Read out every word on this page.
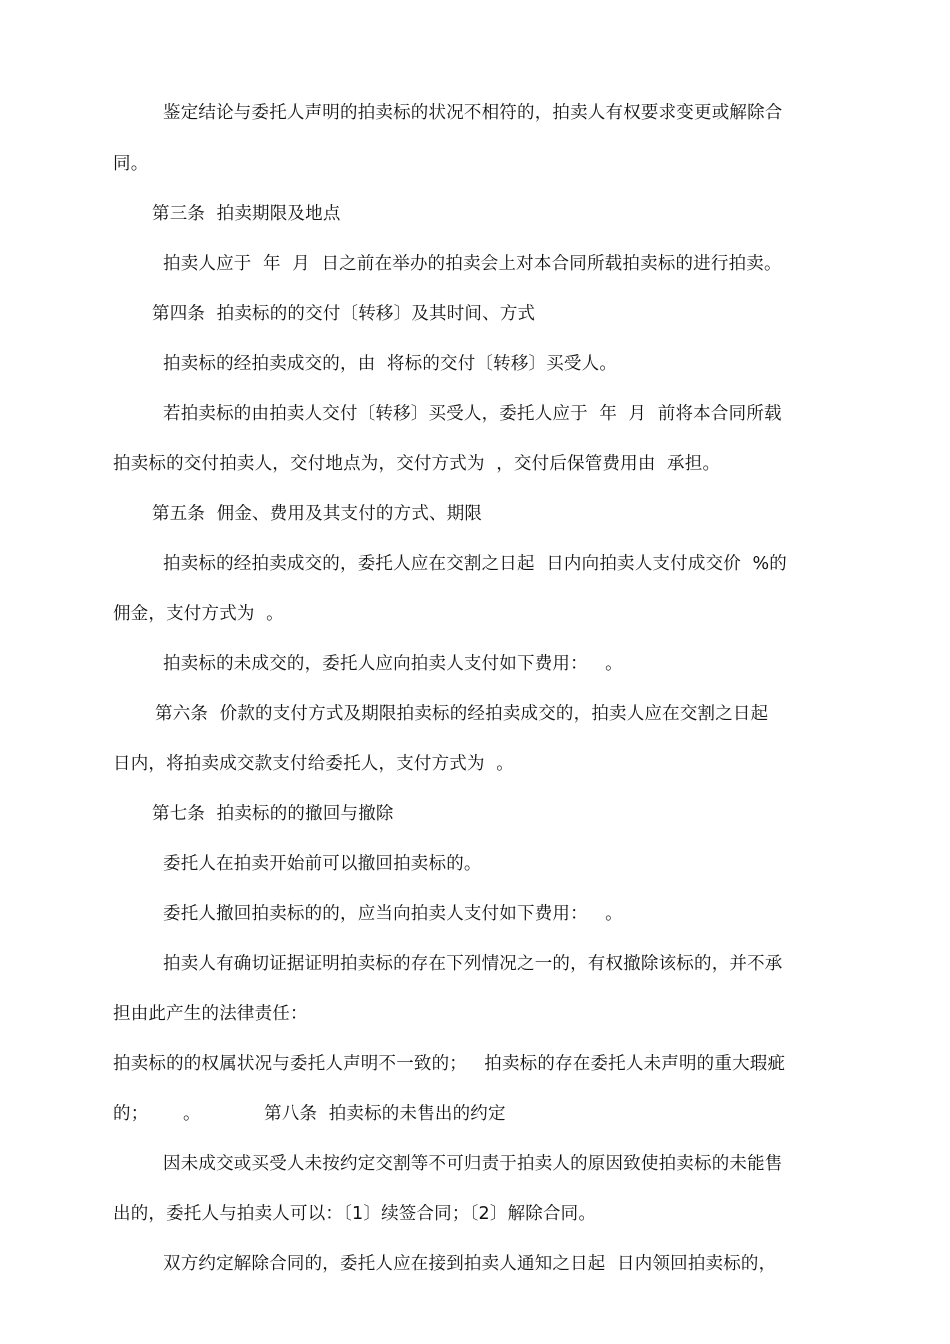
鉴定结论与委托人声明的拍卖标的状况不相符的，拍卖人有权要求变更或解除合
同。
第三条  拍卖期限及地点
拍卖人应于  年  月  日之前在举办的拍卖会上对本合同所载拍卖标的进行拍卖。
第四条  拍卖标的的交付〔转移〕及其时间、方式
拍卖标的经拍卖成交的，由  将标的交付〔转移〕买受人。
若拍卖标的由拍卖人交付〔转移〕买受人，委托人应于  年  月  前将本合同所载
拍卖标的交付拍卖人，交付地点为，交付方式为  ，交付后保管费用由  承担。
第五条  佣金、费用及其支付的方式、期限
拍卖标的经拍卖成交的，委托人应在交割之日起  日内向拍卖人支付成交价  %的
佣金，支付方式为  。
拍卖标的未成交的，委托人应向拍卖人支付如下费用：   。
第六条  价款的支付方式及期限拍卖标的经拍卖成交的，拍卖人应在交割之日起
日内，将拍卖成交款支付给委托人，支付方式为  。
第七条  拍卖标的的撤回与撤除
委托人在拍卖开始前可以撤回拍卖标的。
委托人撤回拍卖标的的，应当向拍卖人支付如下费用：   。
拍卖人有确切证据证明拍卖标的存在下列情况之一的，有权撤除该标的，并不承
担由此产生的法律责任：
拍卖标的的权属状况与委托人声明不一致的；   拍卖标的存在委托人未声明的重大瑕疵
的；      。           第八条  拍卖标的未售出的约定
因未成交或买受人未按约定交割等不可归责于拍卖人的原因致使拍卖标的未能售
出的，委托人与拍卖人可以：〔1〕续签合同；〔2〕解除合同。
双方约定解除合同的，委托人应在接到拍卖人通知之日起  日内领回拍卖标的，
